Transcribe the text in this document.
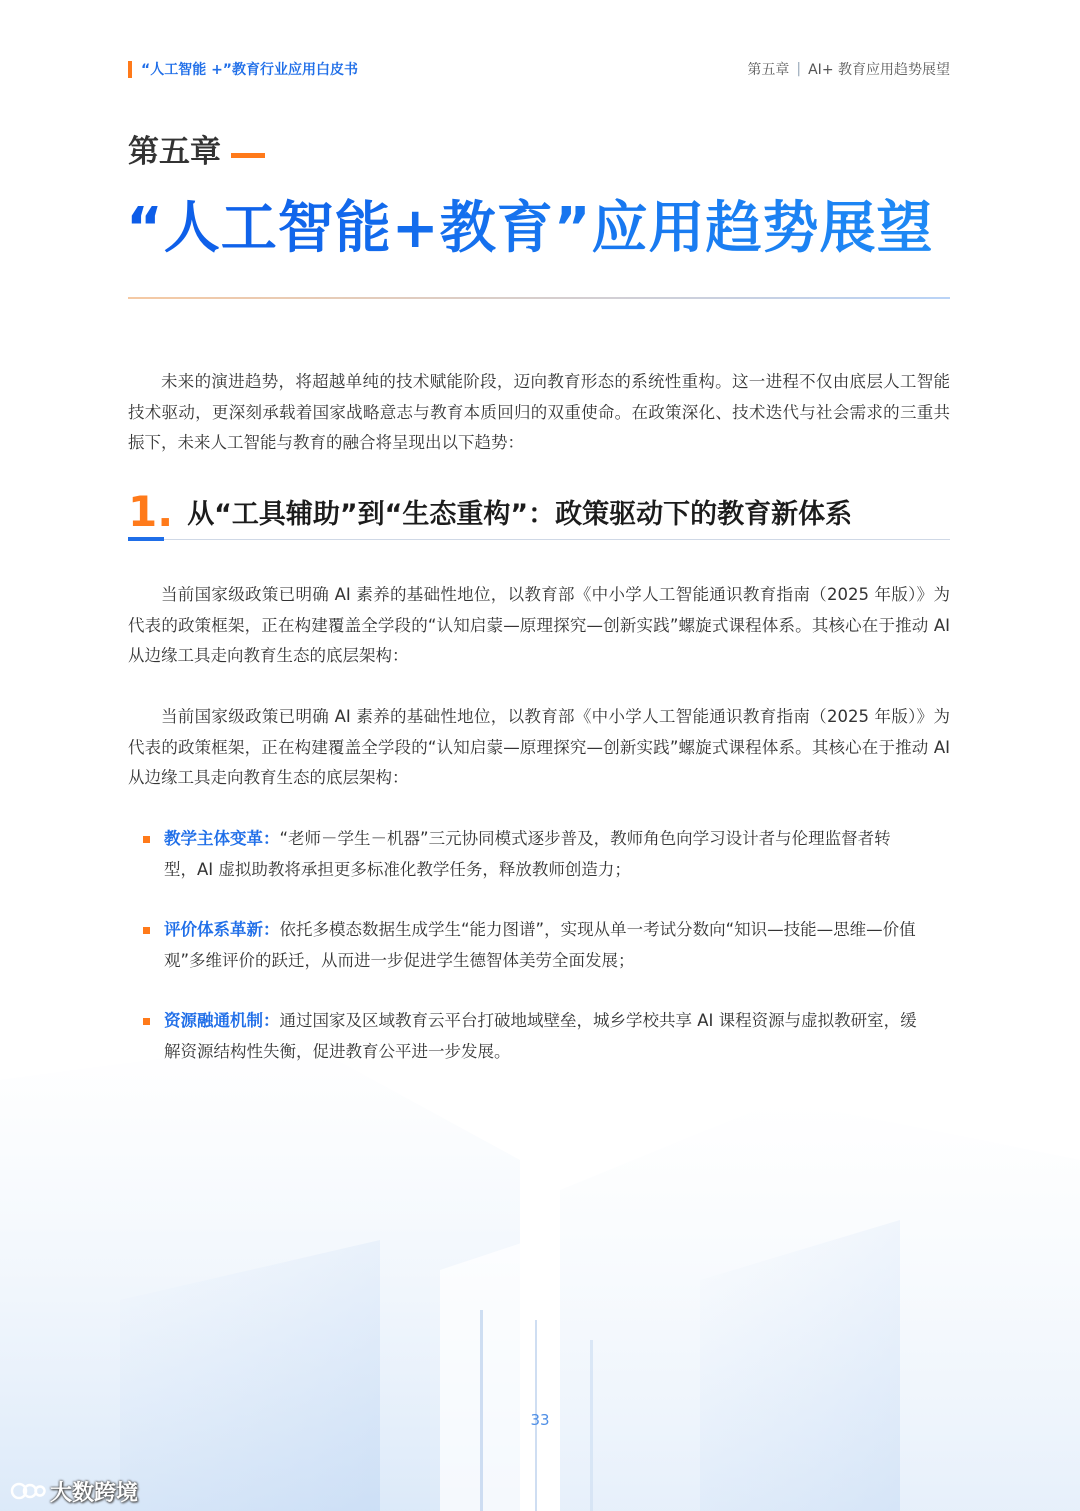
“人工智能 +”教育行业应用白皮书	第五章 | AI+ 教育应用趋势展望
第五章
“人工智能+教育”应用趋势展望

未来的演进趋势，将超越单纯的技术赋能阶段，迈向教育形态的系统性重构。这一进程不仅由底层人工智能技术驱动，更深刻承载着国家战略意志与教育本质回归的双重使命。在政策深化、技术迭代与社会需求的三重共振下，未来人工智能与教育的融合将呈现出以下趋势：

1. 从“工具辅助”到“生态重构”：政策驱动下的教育新体系

当前国家级政策已明确 AI 素养的基础性地位，以教育部《中小学人工智能通识教育指南（2025 年版）》为代表的政策框架，正在构建覆盖全学段的“认知启蒙—原理探究—创新实践”螺旋式课程体系。其核心在于推动 AI 从边缘工具走向教育生态的底层架构：

当前国家级政策已明确 AI 素养的基础性地位，以教育部《中小学人工智能通识教育指南（2025 年版）》为代表的政策框架，正在构建覆盖全学段的“认知启蒙—原理探究—创新实践”螺旋式课程体系。其核心在于推动 AI 从边缘工具走向教育生态的底层架构：

教学主体变革：“老师－学生－机器”三元协同模式逐步普及，教师角色向学习设计者与伦理监督者转型，AI 虚拟助教将承担更多标准化教学任务，释放教师创造力；
评价体系革新：依托多模态数据生成学生“能力图谱”，实现从单一考试分数向“知识—技能—思维—价值观”多维评价的跃迁，从而进一步促进学生德智体美劳全面发展；
资源融通机制：通过国家及区域教育云平台打破地域壁垒，城乡学校共享 AI 课程资源与虚拟教研室，缓解资源结构性失衡，促进教育公平进一步发展。
33
大数跨境
